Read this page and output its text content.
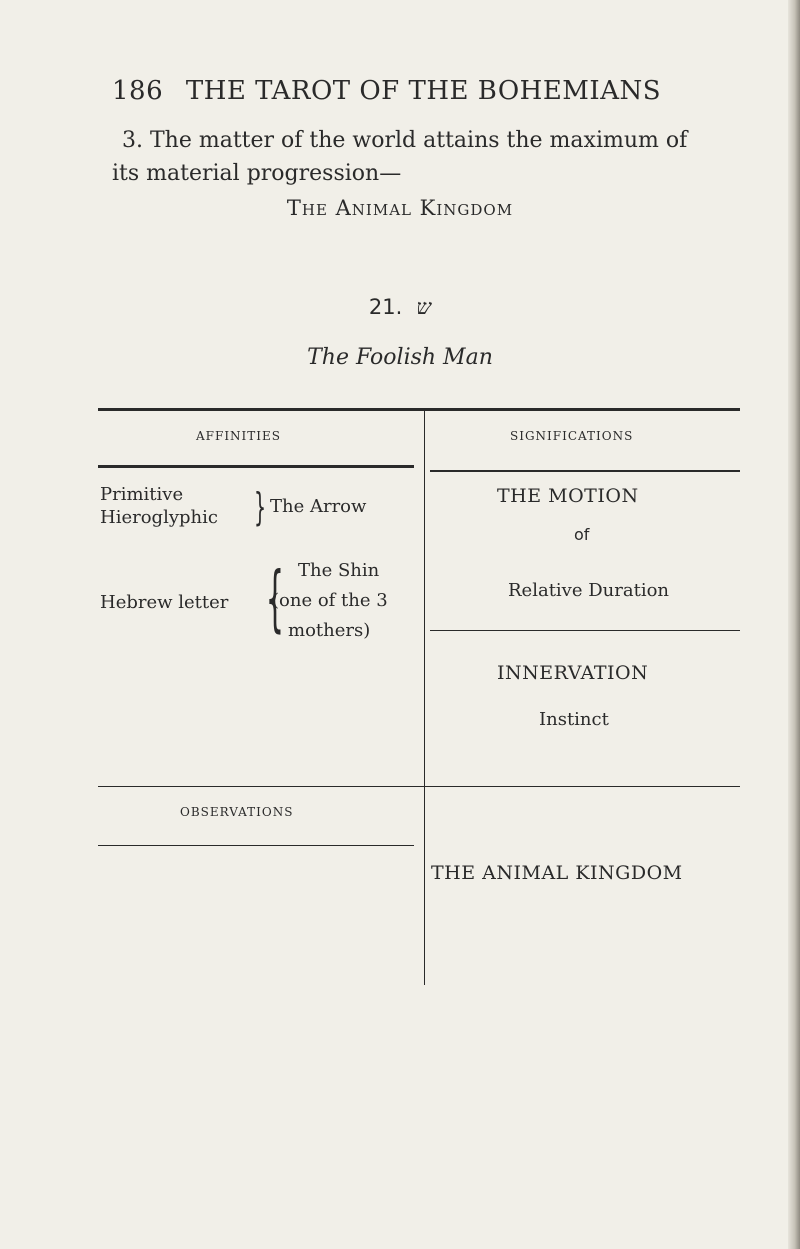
186 THE TAROT OF THE BOHEMIANS
3. The matter of the world attains the maximum of
its material progression—
The Animal Kingdom
21. ש
The Foolish Man
AFFINITIES	SIGNIFICATIONS
Primitive
Hieroglyphic } The Arrow
Hebrew letter { The Shin
(one of the 3
mothers)
THE MOTION
of
Relative Duration
INNERVATION
Instinct
OBSERVATIONS
THE ANIMAL KINGDOM
